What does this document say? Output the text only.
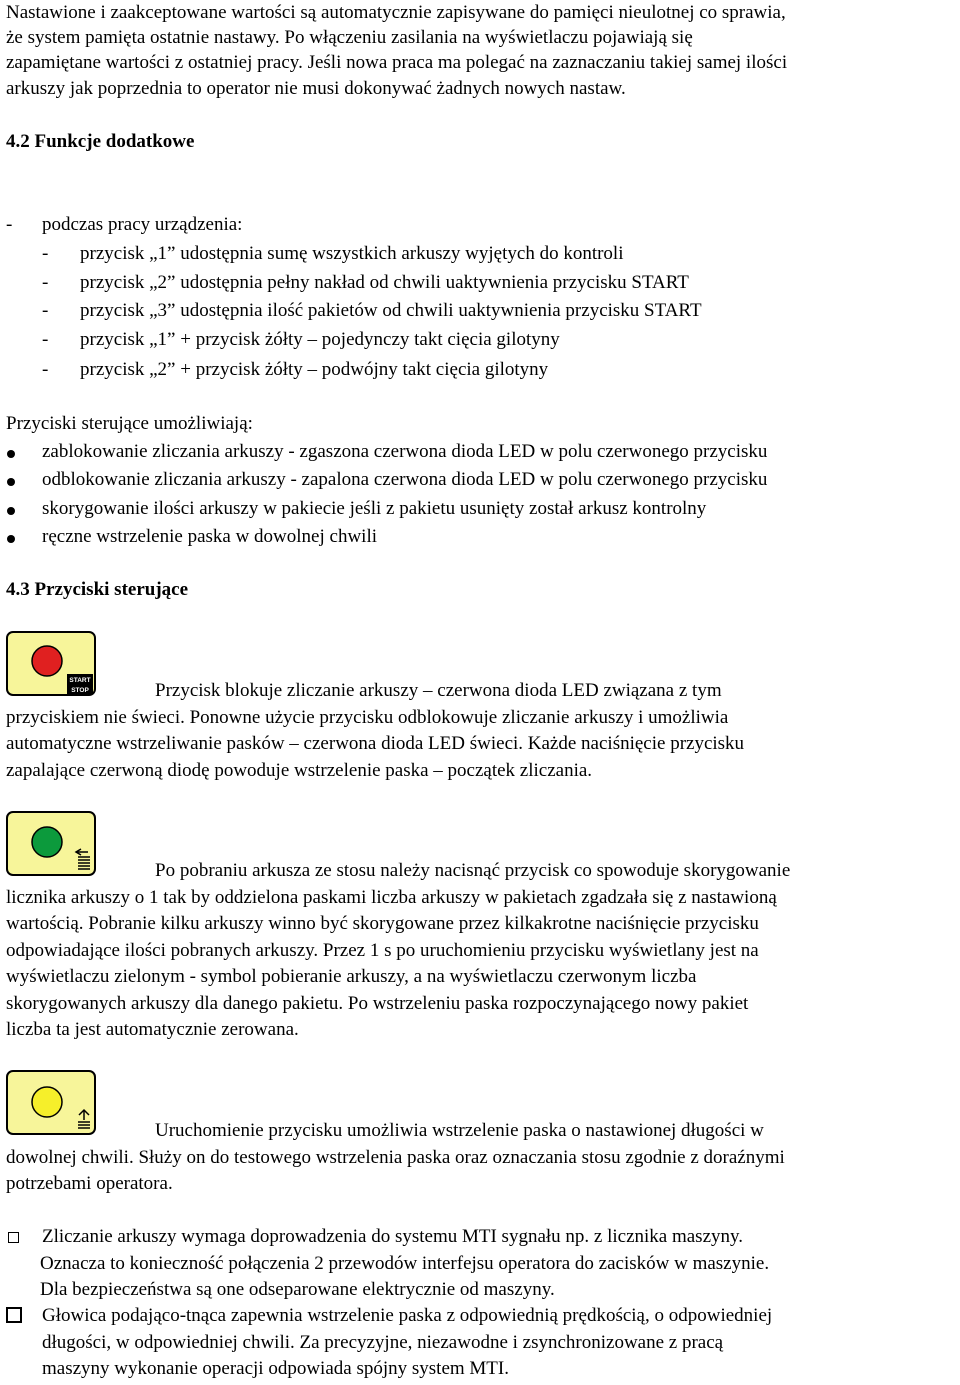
Nastawione i zaakceptowane wartości są automatycznie zapisywane do pamięci nieulotnej co sprawia,
że system pamięta ostatnie nastawy. Po włączeniu zasilania na wyświetlaczu pojawiają się
zapamiętane wartości z ostatniej pracy. Jeśli nowa praca ma polegać na zaznaczaniu takiej samej ilości
arkuszy jak poprzednia to operator nie musi dokonywać żadnych nowych nastaw.
4.2 Funkcje dodatkowe
- podczas pracy urządzenia:
- przycisk „1” udostępnia sumę wszystkich arkuszy wyjętych do kontroli
- przycisk „2” udostępnia pełny nakład od chwili uaktywnienia przycisku START
- przycisk „3” udostępnia ilość pakietów od chwili uaktywnienia przycisku START
- przycisk „1” + przycisk żółty – pojedynczy takt cięcia gilotyny
- przycisk „2” + przycisk żółty – podwójny takt cięcia gilotyny
Przyciski sterujące umożliwiają:
zablokowanie zliczania arkuszy - zgaszona czerwona dioda LED w polu czerwonego przycisku
odblokowanie zliczania arkuszy - zapalona czerwona dioda LED w polu czerwonego przycisku
skorygowanie ilości arkuszy w pakiecie jeśli z pakietu usunięty został arkusz kontrolny
ręczne wstrzelenie paska w dowolnej chwili
4.3 Przyciski sterujące
START
STOP	Przycisk blokuje zliczanie arkuszy – czerwona dioda LED związana z tym
przyciskiem nie świeci. Ponowne użycie przycisku odblokowuje zliczanie arkuszy i umożliwia
automatyczne wstrzeliwanie pasków – czerwona dioda LED świeci. Każde naciśnięcie przycisku
zapalające czerwoną diodę powoduje wstrzelenie paska – początek zliczania.
Po pobraniu arkusza ze stosu należy nacisnąć przycisk co spowoduje skorygowanie
licznika arkuszy o 1 tak by oddzielona paskami liczba arkuszy w pakietach zgadzała się z nastawioną
wartością. Pobranie kilku arkuszy winno być skorygowane przez kilkakrotne naciśnięcie przycisku
odpowiadające ilości pobranych arkuszy. Przez 1 s po uruchomieniu przycisku wyświetlany jest na
wyświetlaczu zielonym - symbol pobieranie arkuszy, a na wyświetlaczu czerwonym liczba
skorygowanych arkuszy dla danego pakietu. Po wstrzeleniu paska rozpoczynającego nowy pakiet
liczba ta jest automatycznie zerowana.
Uruchomienie przycisku umożliwia wstrzelenie paska o nastawionej długości w
dowolnej chwili. Służy on do testowego wstrzelenia paska oraz oznaczania stosu zgodnie z doraźnymi
potrzebami operatora.
Zliczanie arkuszy wymaga doprowadzenia do systemu MTI sygnału np. z licznika maszyny.
Oznacza to konieczność połączenia 2 przewodów interfejsu operatora do zacisków w maszynie.
Dla bezpieczeństwa są one odseparowane elektrycznie od maszyny.
Głowica podająco-tnąca zapewnia wstrzelenie paska z odpowiednią prędkością, o odpowiedniej
długości, w odpowiedniej chwili. Za precyzyjne, niezawodne i zsynchronizowane z pracą
maszyny wykonanie operacji odpowiada spójny system MTI.
